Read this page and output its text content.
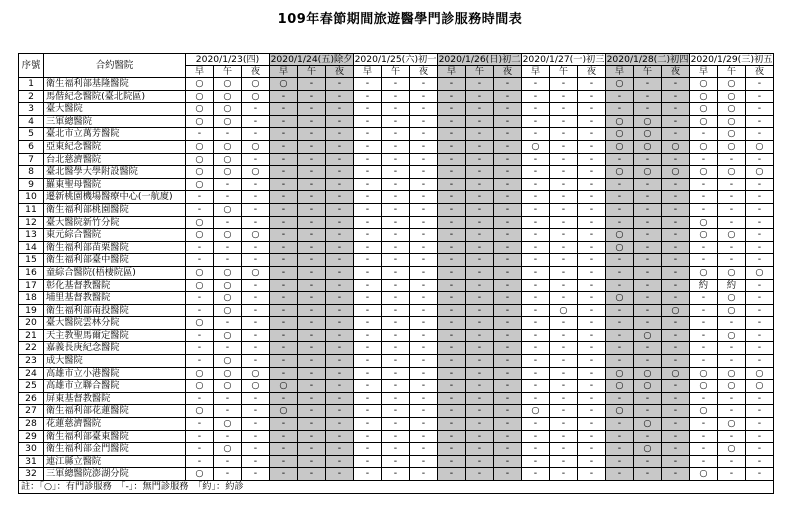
109年春節期間旅遊醫學門診服務時間表
序號	合約醫院	2020/1/23(四)			2020/1/24(五)除夕			2020/1/25(六)初一			2020/1/26(日)初二			2020/1/27(一)初三			2020/1/28(二)初四			2020/1/29(三)初五		
		早	午	夜	早	午	夜	早	午	夜	早	午	夜	早	午	夜	早	午	夜	早	午	夜
1	衛生福利部基隆醫院	○	○	○	○	-	-	-	-	-	-	-	-	-	-	-	○	-	-	○	○	-
2	馬偕紀念醫院(臺北院區)	○	○	○	-	-	-	-	-	-	-	-	-	-	-	-	-	-	-	○	○	-
3	臺大醫院	○	○	-	-	-	-	-	-	-	-	-	-	-	-	-	-	-	-	○	○	-
4	三軍總醫院	○	○	-	-	-	-	-	-	-	-	-	-	-	-	-	○	○	-	○	○	-
5	臺北市立萬芳醫院	-	-	-	-	-	-	-	-	-	-	-	-	-	-	-	○	○	-	-	○	-
6	亞東紀念醫院	○	○	○	-	-	-	-	-	-	-	-	-	○	-	-	○	○	○	○	○	○
7	台北慈濟醫院	○	○	-	-	-	-	-	-	-	-	-	-	-	-	-	-	-	-	-	-	-
8	臺北醫學大學附設醫院	○	○	○	-	-	-	-	-	-	-	-	-	-	-	-	○	○	○	○	○	○
9	羅東聖母醫院	○	-	-	-	-	-	-	-	-	-	-	-	-	-	-	-	-	-	-	-	-
10	遷新桃園機場醫療中心(一航廈)	-	-	-	-	-	-	-	-	-	-	-	-	-	-	-	-	-	-	-	-	-
11	衛生福利部桃園醫院	-	○	-	-	-	-	-	-	-	-	-	-	-	-	-	-	-	-	-	-	-
12	臺大醫院新竹分院	○	-	-	-	-	-	-	-	-	-	-	-	-	-	-	-	-	-	○	-	-
13	東元綜合醫院	○	○	○	-	-	-	-	-	-	-	-	-	-	-	-	○	-	-	○	○	-
14	衛生福利部苗栗醫院	-	-	-	-	-	-	-	-	-	-	-	-	-	-	-	○	-	-	-	-	-
15	衛生福利部臺中醫院	-	-	-	-	-	-	-	-	-	-	-	-	-	-	-	-	-	-	-	-	-
16	童綜合醫院(梧棲院區)	○	○	○	-	-	-	-	-	-	-	-	-	-	-	-	-	-	-	○	○	○
17	彰化基督教醫院	○	○	-	-	-	-	-	-	-	-	-	-	-	-	-	-	-	-	約	約	-
18	埔里基督教醫院	-	○	-	-	-	-	-	-	-	-	-	-	-	-	-	○	-	-	-	○	-
19	衛生福利部南投醫院	-	○	-	-	-	-	-	-	-	-	-	-	-	○	-	-	-	○	-	○	-
20	臺大醫院雲林分院	○	-	-	-	-	-	-	-	-	-	-	-	-	-	-	-	-	-	-	-	-
21	天主教聖馬爾定醫院	-	○	-	-	-	-	-	-	-	-	-	-	-	-	-	-	○	-	-	○	-
22	嘉義長庚紀念醫院	-	-	-	-	-	-	-	-	-	-	-	-	-	-	-	-	-	-	-	-	-
23	成大醫院	-	○	-	-	-	-	-	-	-	-	-	-	-	-	-	-	-	-	-	-	-
24	高雄市立小港醫院	○	○	○	-	-	-	-	-	-	-	-	-	-	-	-	○	○	○	○	○	○
25	高雄市立聯合醫院	○	○	○	○	-	-	-	-	-	-	-	-	-	-	-	○	○	-	○	○	○
26	屏東基督教醫院	-	-	-	-	-	-	-	-	-	-	-	-	-	-	-	-	-	-	-	-	-
27	衛生福利部花蓮醫院	○	-	-	○	-	-	-	-	-	-	-	-	○	-	-	○	-	-	○	-	-
28	花蓮慈濟醫院	-	○	-	-	-	-	-	-	-	-	-	-	-	-	-	-	○	-	-	○	-
29	衛生福利部臺東醫院	-	-	-	-	-	-	-	-	-	-	-	-	-	-	-	-	-	-	-	-	-
30	衛生福利部金門醫院	-	○	-	-	-	-	-	-	-	-	-	-	-	-	-	-	○	-	-	○	-
31	連江縣立醫院	-	-	-	-	-	-	-	-	-	-	-	-	-	-	-	-	-	-	-	-	-
32	三軍總醫院澎湖分院	○	-	-	-	-	-	-	-	-	-	-	-	-	-	-	-	-	-	○	-	-
註：「○」：有門診服務　「-」：無門診服務　「約」：約診																						
